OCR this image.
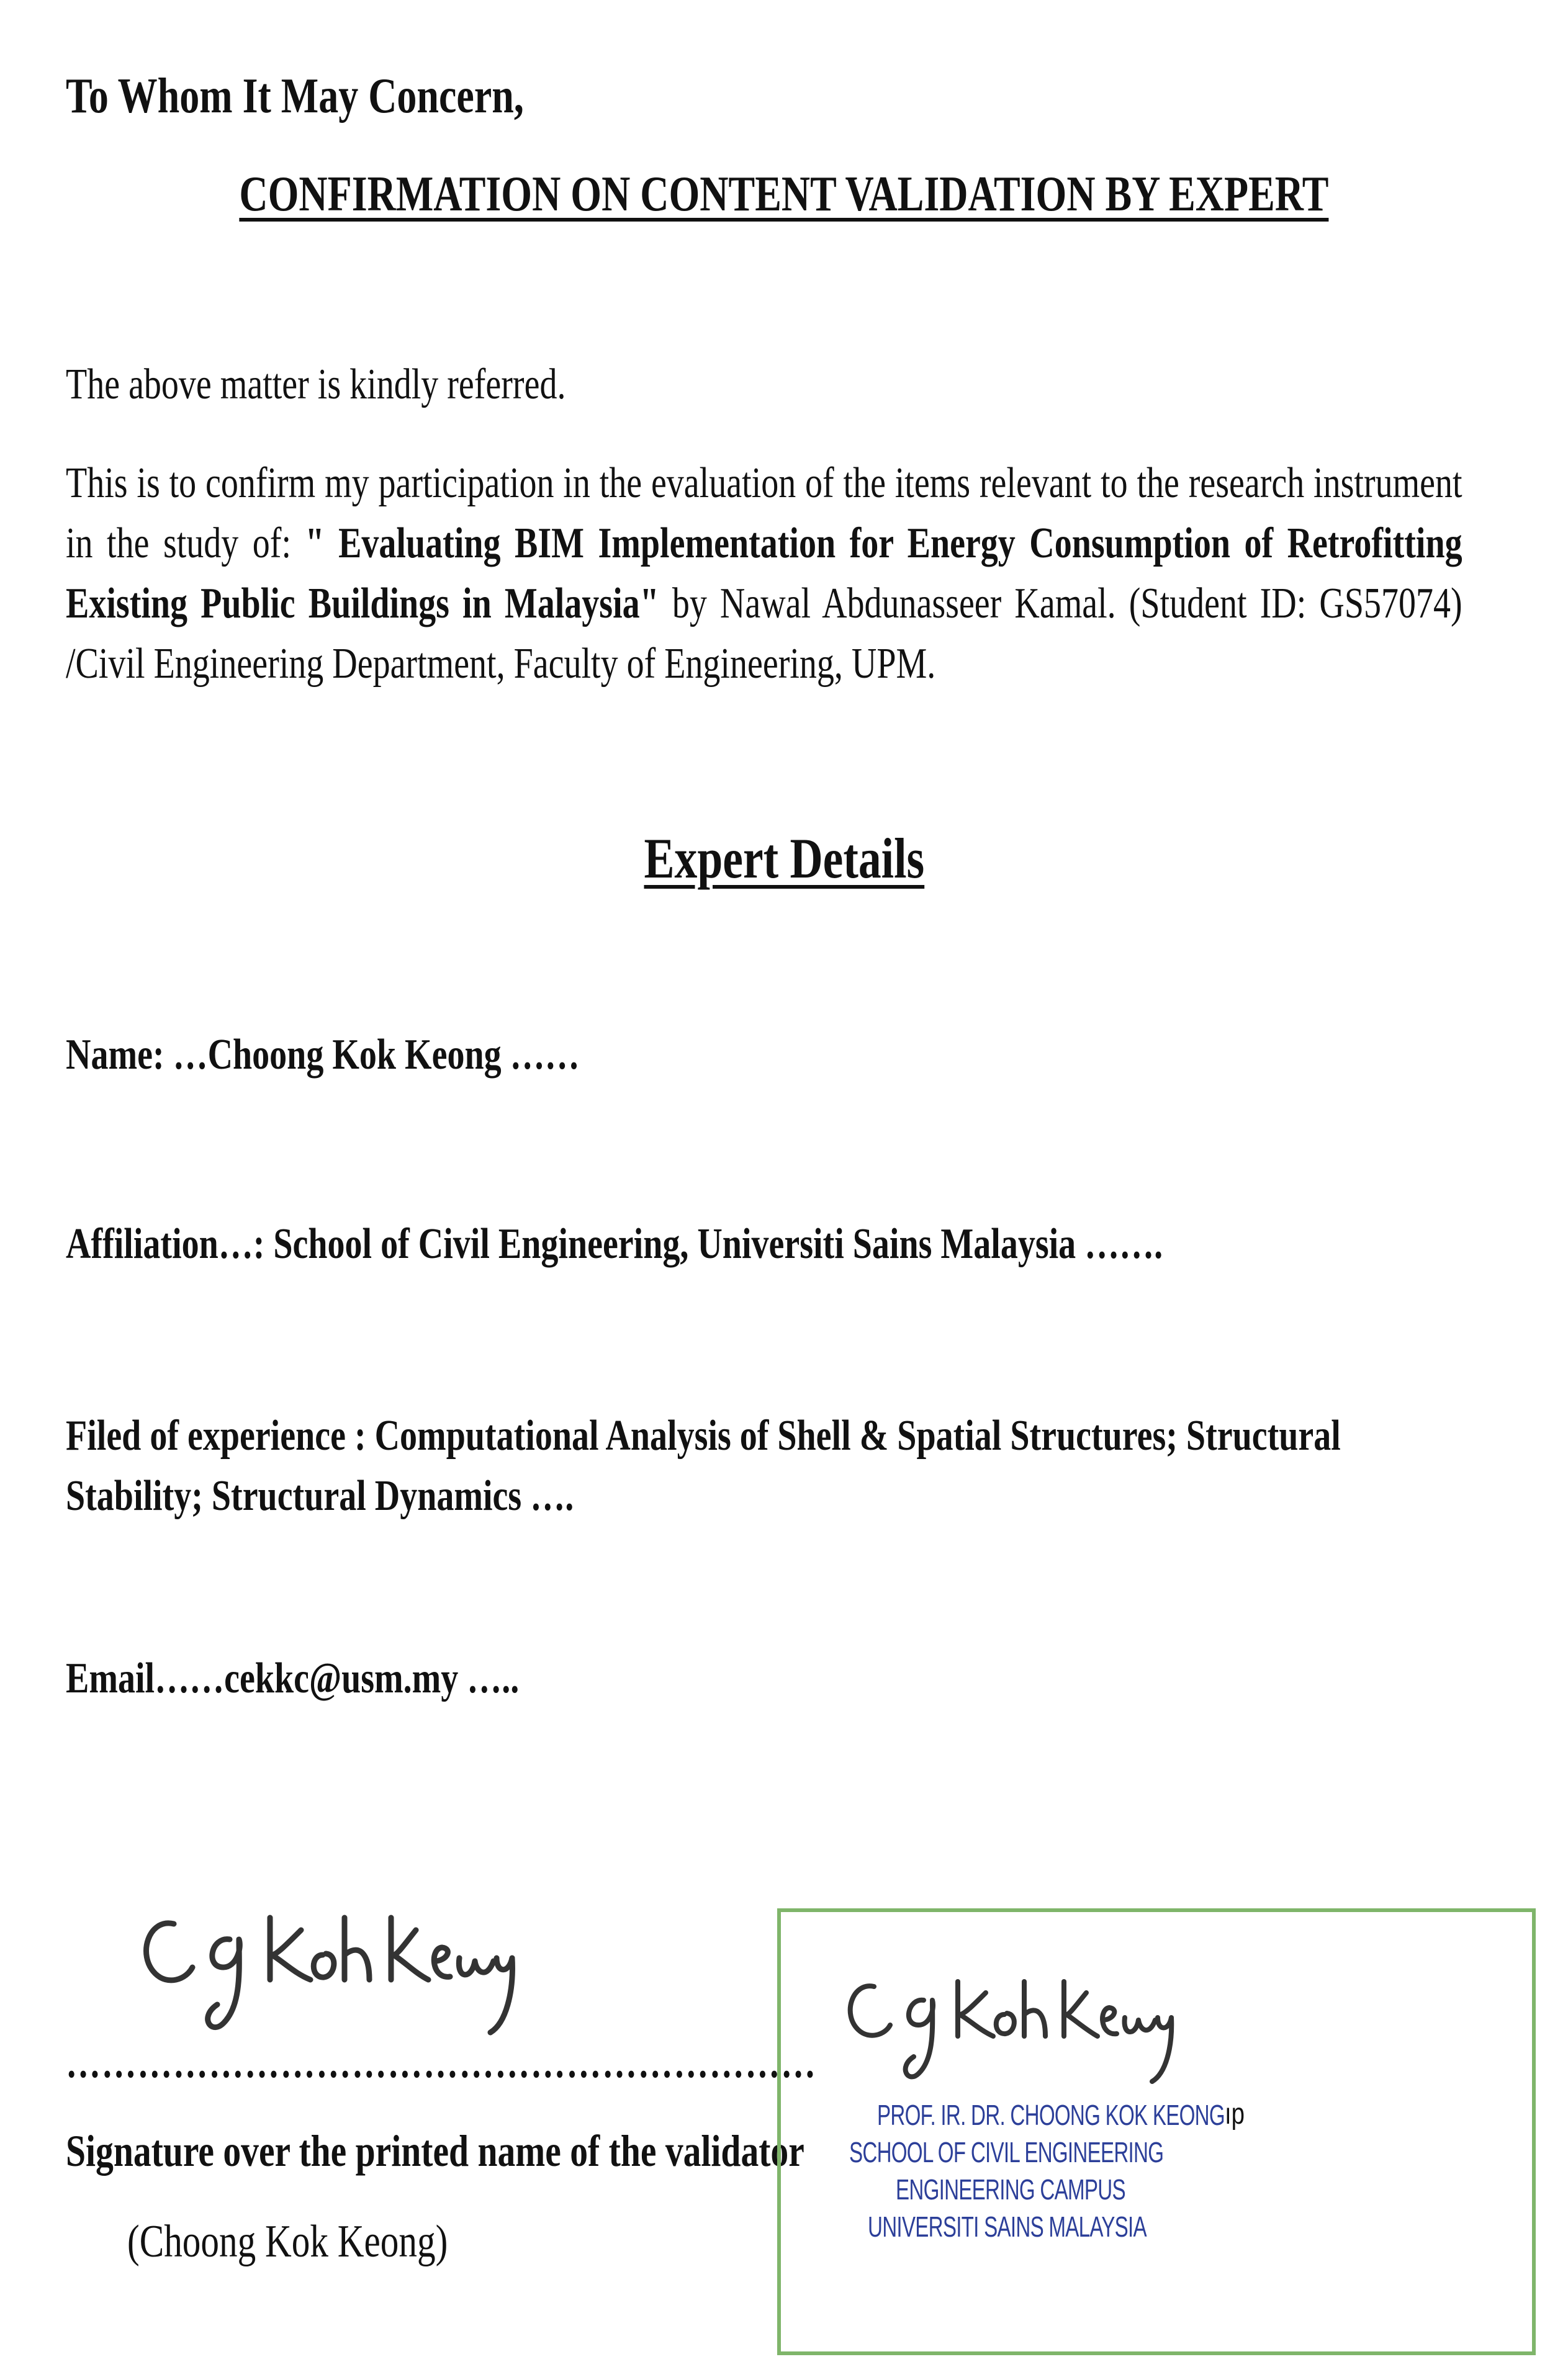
To Whom It May Concern,
CONFIRMATION ON CONTENT VALIDATION BY EXPERT
The above matter is kindly referred.
This is to confirm my participation in the evaluation of the items relevant to the research instrument in the study of: " Evaluating BIM Implementation for Energy Consumption of Retrofitting Existing Public Buildings in Malaysia" by Nawal Abdunasseer Kamal. (Student ID: GS57074) /Civil Engineering Department, Faculty of Engineering, UPM.
Expert Details
Name: …Choong Kok Keong ……
Affiliation…: School of Civil Engineering, Universiti Sains Malaysia …….
Filed of experience : Computational Analysis of Shell & Spatial Structures; Structural Stability; Structural Dynamics ….
Email……cekkc@usm.my …..
………………………………………………………
Signature over the printed name of the validator
(Choong Kok Keong)
PROF. IR. DR. CHOONG KOK KEONG
SCHOOL OF CIVIL ENGINEERING
ENGINEERING CAMPUS
UNIVERSITI SAINS MALAYSIA
ıp
